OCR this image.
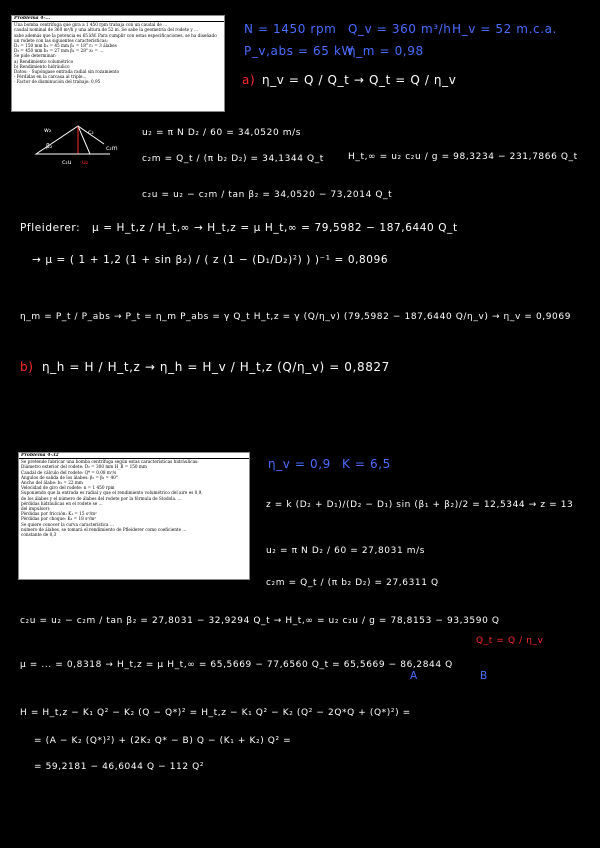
Problema 4-...
Una bomba centrífuga que gira a 1 450 rpm trabaja con un caudal de ...
caudal nominal de 360 m³/h y una altura de 52 m. Se sabe la geometría del rodete y ...
sabe además que la potencia es 65 kW. Para cumplir con estas especificaciones, se ha diseñado
un rodete con las siguientes características:
D₁ = 150 mm b₁ = 45 mm β₁ = 18° r₁ = 3 álabes
D₂ = 450 mm b₂ = 27 mm β₂ = 28° z₂ = ...
Se pide determinar:
a) Rendimiento volumétrico
b) Rendimiento hidráulico
Datos: · Supóngase entrada radial sin rozamiento
· Pérdidas en la carcasa al triple...
· Factor de disminución del trabajo: 0,95
Problema 4-32
Se pretende fabricar una bomba centrífuga según estas características hidráulicas:
Diámetro exterior del rodete: D₂ = 300 mm H_B = 150 mm
Caudal de cálculo del rodete: Q* = 0,08 m³/s
Ángulos de salida de los álabes: β₂ = β₂ = 40°
Ancho del álabe: b₂ = 22 mm
Velocidad de giro del rodete: n = 1 450 rpm
Suponiendo que la entrada es radial y que el rendimiento volumétrico del aire es 0,9,
de los álabes y el número de álabes del rodete por la fórmula de Stodola. ...
pérdidas hidráulicas en el rodete se ...
del impulsor):
Pérdidas por fricción: K₁ = 15 s²/m⁵
Pérdidas por choque: K₂ = 18 s²/m⁵
Se quiere conocer la curva característica ...
número de álabes, se tomará el rendimiento de Pfleiderer como coeficiente ...
constante de 0,3
N = 1450 rpm Q_v = 360 m³/h H_v = 52 m.c.a.
P_v,abs = 65 kW
η_m = 0,98
a) η_v = Q / Q_t → Q_t = Q / η_v
w₂	c₂
β₂
c₂u u₂
c₂m
u₂ = π N D₂ / 60 = 34,0520 m/s
c₂m = Q_t / (π b₂ D₂) = 34,1344 Q_t
c₂u = u₂ − c₂m / tan β₂ = 34,0520 − 73,2014 Q_t
H_t,∞ = u₂ c₂u / g = 98,3234 − 231,7866 Q_t
Pfleiderer: μ = H_t,z / H_t,∞ → H_t,z = μ H_t,∞ = 79,5982 − 187,6440 Q_t
→ μ = ( 1 + 1,2 (1 + sin β₂) / ( z (1 − (D₁/D₂)²) ) )⁻¹ = 0,8096
η_m = P_t / P_abs → P_t = η_m P_abs = γ Q_t H_t,z = γ (Q/η_v) (79,5982 − 187,6440 Q/η_v) → η_v = 0,9069
b) η_h = H / H_t,z → η_h = H_v / H_t,z (Q/η_v) = 0,8827
η_v = 0,9 K = 6,5
z = k (D₂ + D₁)/(D₂ − D₁) sin (β₁ + β₂)/2 = 12,5344 → z = 13
u₂ = π N D₂ / 60 = 27,8031 m/s
c₂m = Q_t / (π b₂ D₂) = 27,6311 Q
c₂u = u₂ − c₂m / tan β₂ = 27,8031 − 32,9294 Q_t → H_t,∞ = u₂ c₂u / g = 78,8153 − 93,3590 Q
Q_t = Q / η_v
μ = ... = 0,8318 → H_t,z = μ H_t,∞ = 65,5669 − 77,6560 Q_t = 65,5669 − 86,2844 Q
A	B
H = H_t,z − K₁ Q² − K₂ (Q − Q*)² = H_t,z − K₁ Q² − K₂ (Q² − 2Q*Q + (Q*)²) =
= (A − K₂ (Q*)²) + (2K₂ Q* − B) Q − (K₁ + K₂) Q² =
= 59,2181 − 46,6044 Q − 112 Q²
